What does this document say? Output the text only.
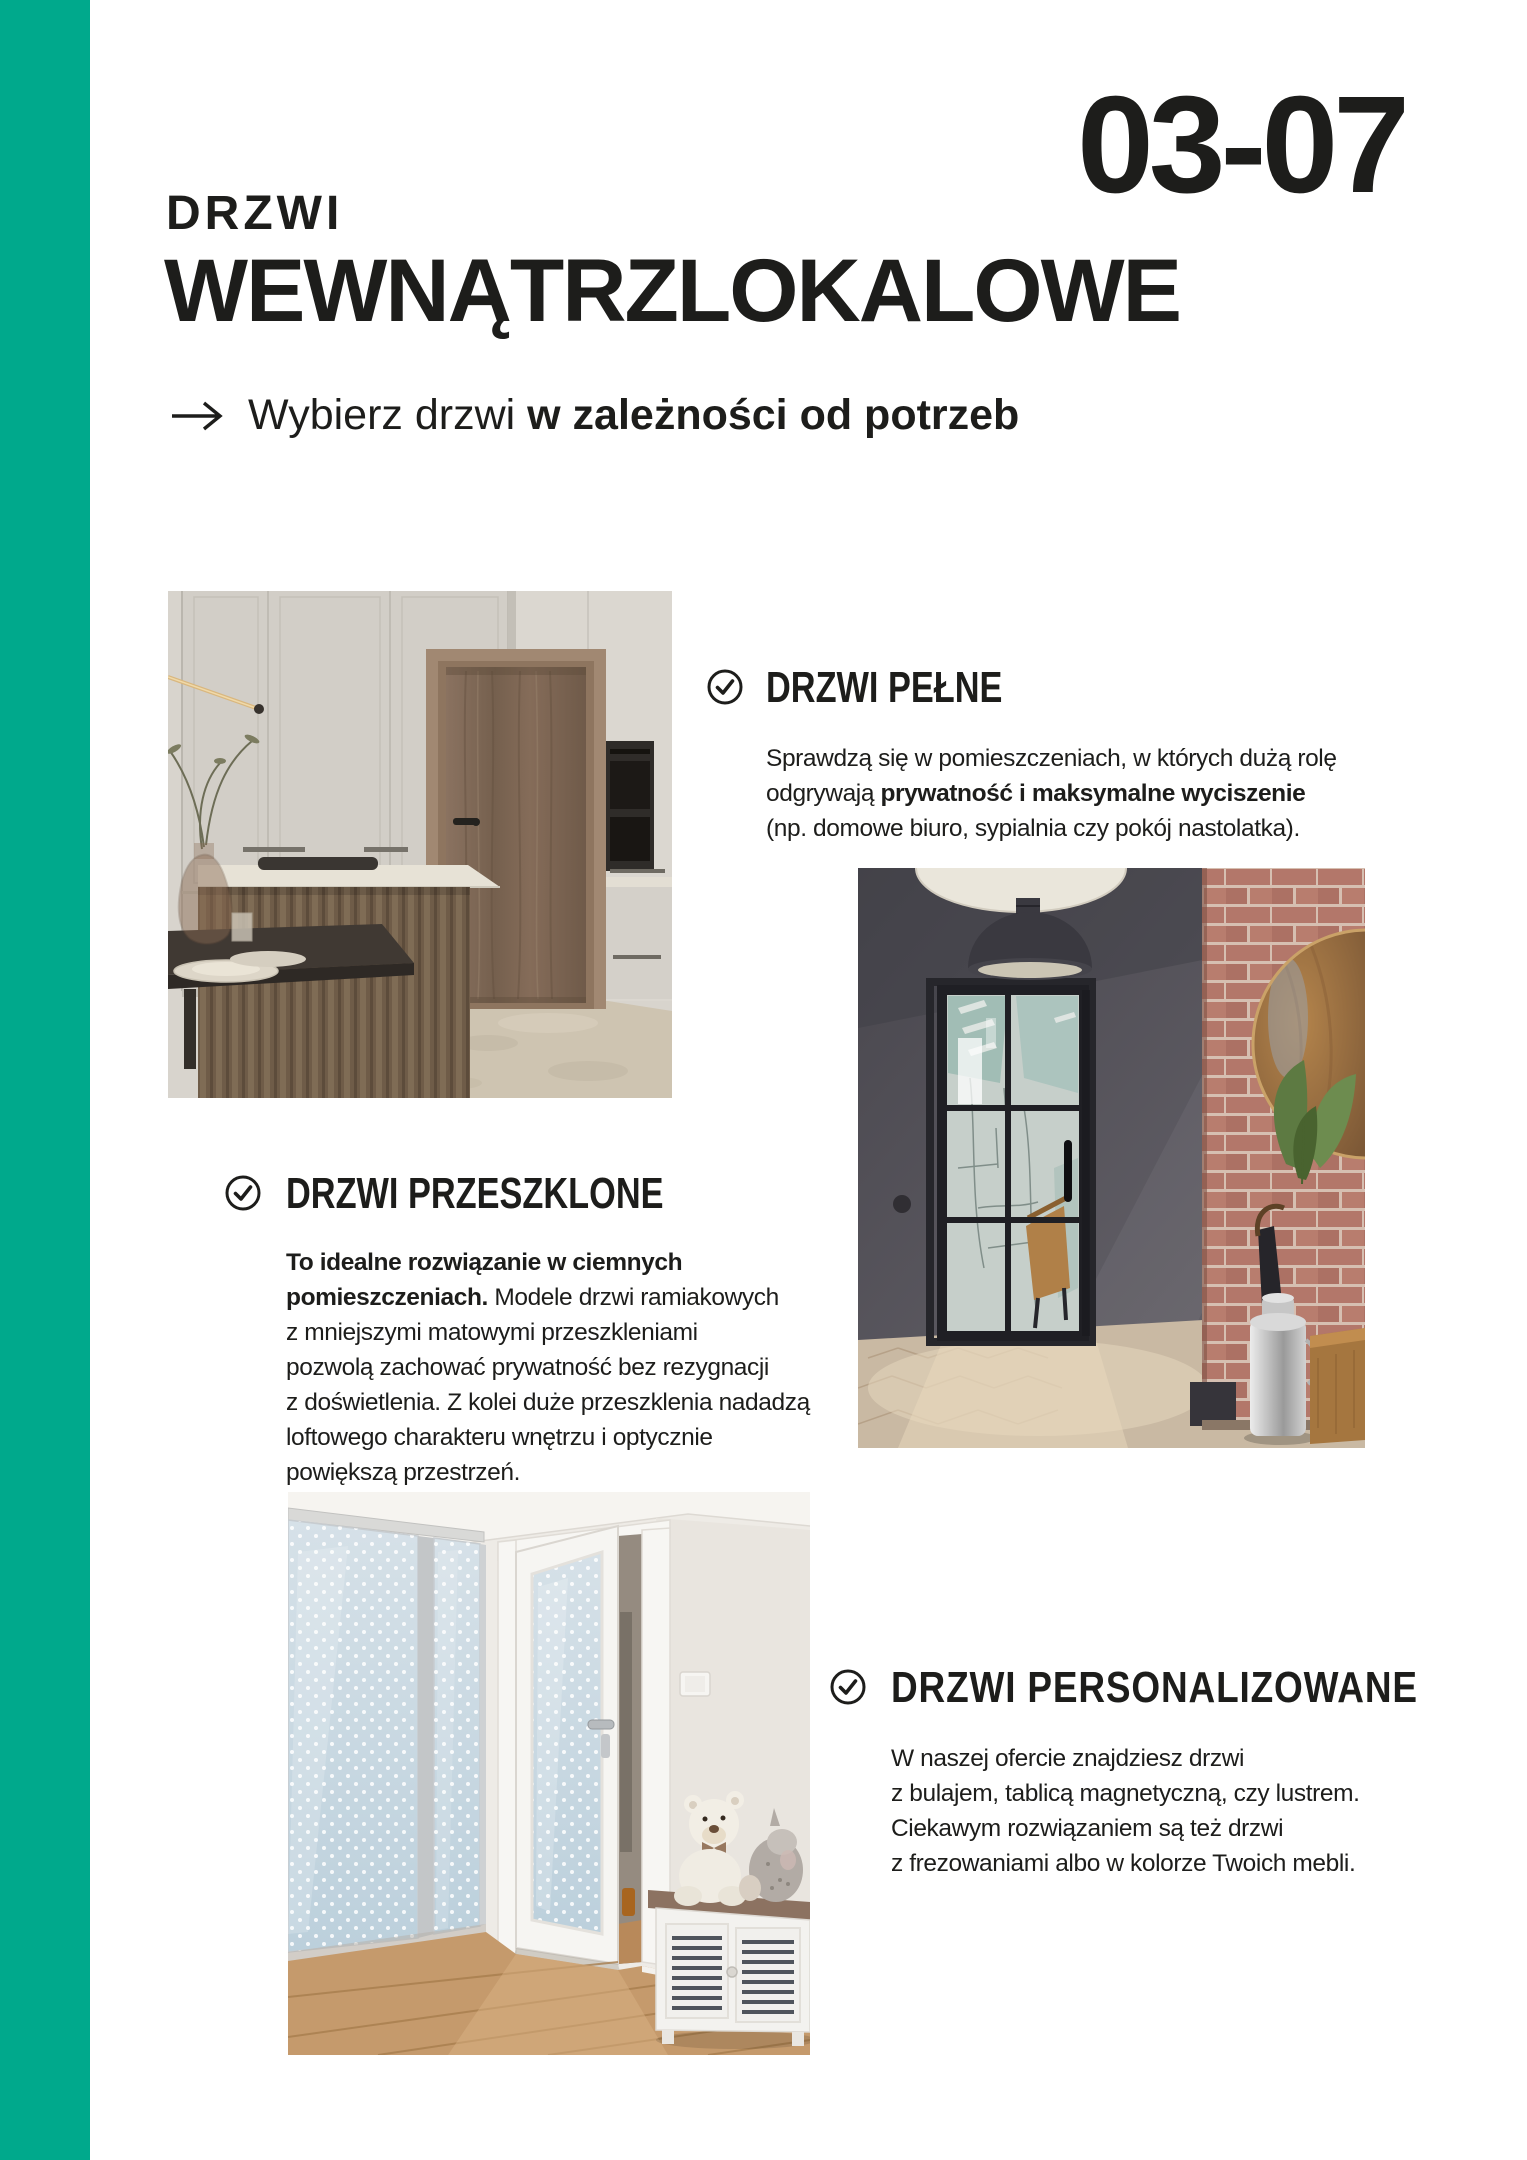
03-07
DRZWI
WEWNĄTRZLOKALOWE
Wybierz drzwi w zależności od potrzeb
DRZWI PEŁNE
Sprawdzą się w pomieszczeniach, w których dużą rolę
odgrywają prywatność i maksymalne wyciszenie
(np. domowe biuro, sypialnia czy pokój nastolatka).
DRZWI PRZESZKLONE
To idealne rozwiązanie w ciemnych
pomieszczeniach. Modele drzwi ramiakowych
z mniejszymi matowymi przeszkleniami
pozwolą zachować prywatność bez rezygnacji
z doświetlenia. Z kolei duże przeszklenia nadadzą
loftowego charakteru wnętrzu i optycznie
powiększą przestrzeń.
DRZWI PERSONALIZOWANE
W naszej ofercie znajdziesz drzwi
z bulajem, tablicą magnetyczną, czy lustrem.
Ciekawym rozwiązaniem są też drzwi
z frezowaniami albo w kolorze Twoich mebli.
